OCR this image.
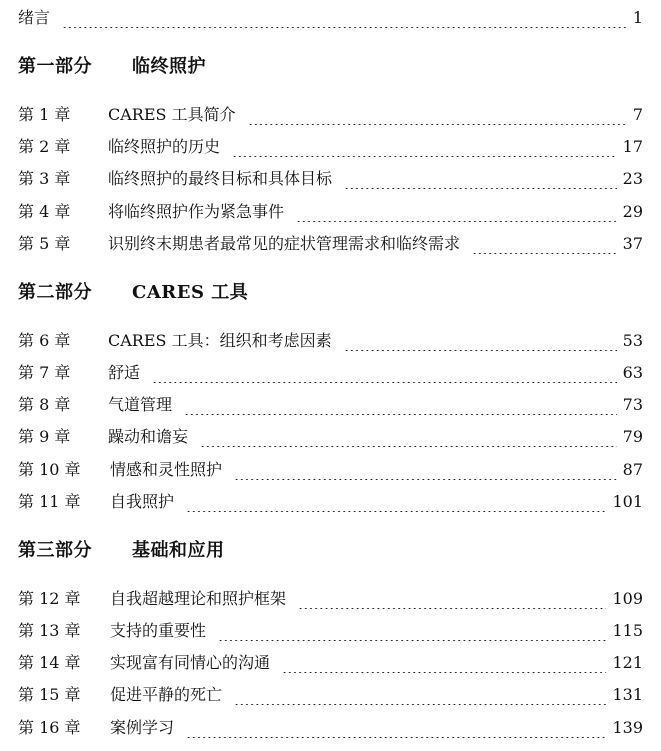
绪言	1
第一部分 临终照护
第 1 章	CARES 工具简介	7
第 2 章	临终照护的历史	17
第 3 章	临终照护的最终目标和具体目标	23
第 4 章	将临终照护作为紧急事件	29
第 5 章	识别终末期患者最常见的症状管理需求和临终需求	37
第二部分 CARES 工具
第 6 章	CARES 工具：组织和考虑因素	53
第 7 章	舒适	63
第 8 章	气道管理	73
第 9 章	躁动和谵妄	79
第 10 章	情感和灵性照护	87
第 11 章	自我照护	101
第三部分 基础和应用
第 12 章	自我超越理论和照护框架	109
第 13 章	支持的重要性	115
第 14 章	实现富有同情心的沟通	121
第 15 章	促进平静的死亡	131
第 16 章	案例学习	139
